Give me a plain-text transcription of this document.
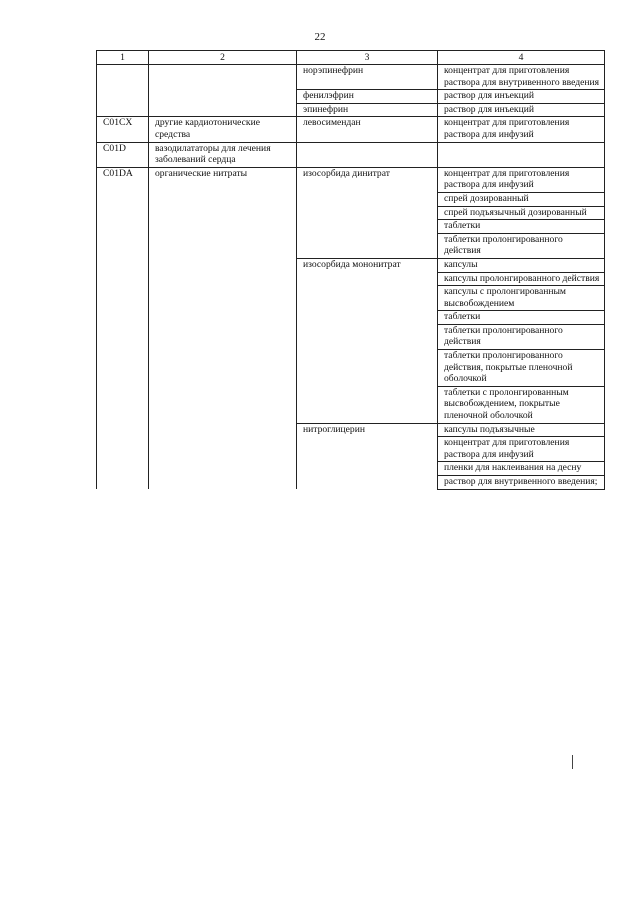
22
1	2	3	4
		норэпинефрин	концентрат для приготовления раствора для внутривенного введения
		фенилэфрин	раствор для инъекций
		эпинефрин	раствор для инъекций
C01CX	другие кардиотонические средства	левосимендан	концентрат для приготовления раствора для инфузий
C01D	вазодилататоры для лечения заболеваний сердца		
C01DA	органические нитраты	изосорбида динитрат	концентрат для приготовления раствора для инфузий
			спрей дозированный
			спрей подъязычный дозированный
			таблетки
			таблетки пролонгированного действия
		изосорбида мононитрат	капсулы
			капсулы пролонгированного действия
			капсулы с пролонгированным высвобождением
			таблетки
			таблетки пролонгированного действия
			таблетки пролонгированного действия, покрытые пленочной оболочкой
			таблетки с пролонгированным высвобождением, покрытые пленочной оболочкой
		нитроглицерин	капсулы подъязычные
			концентрат для приготовления раствора для инфузий
			пленки для наклеивания на десну
			раствор для внутривенного введения;
